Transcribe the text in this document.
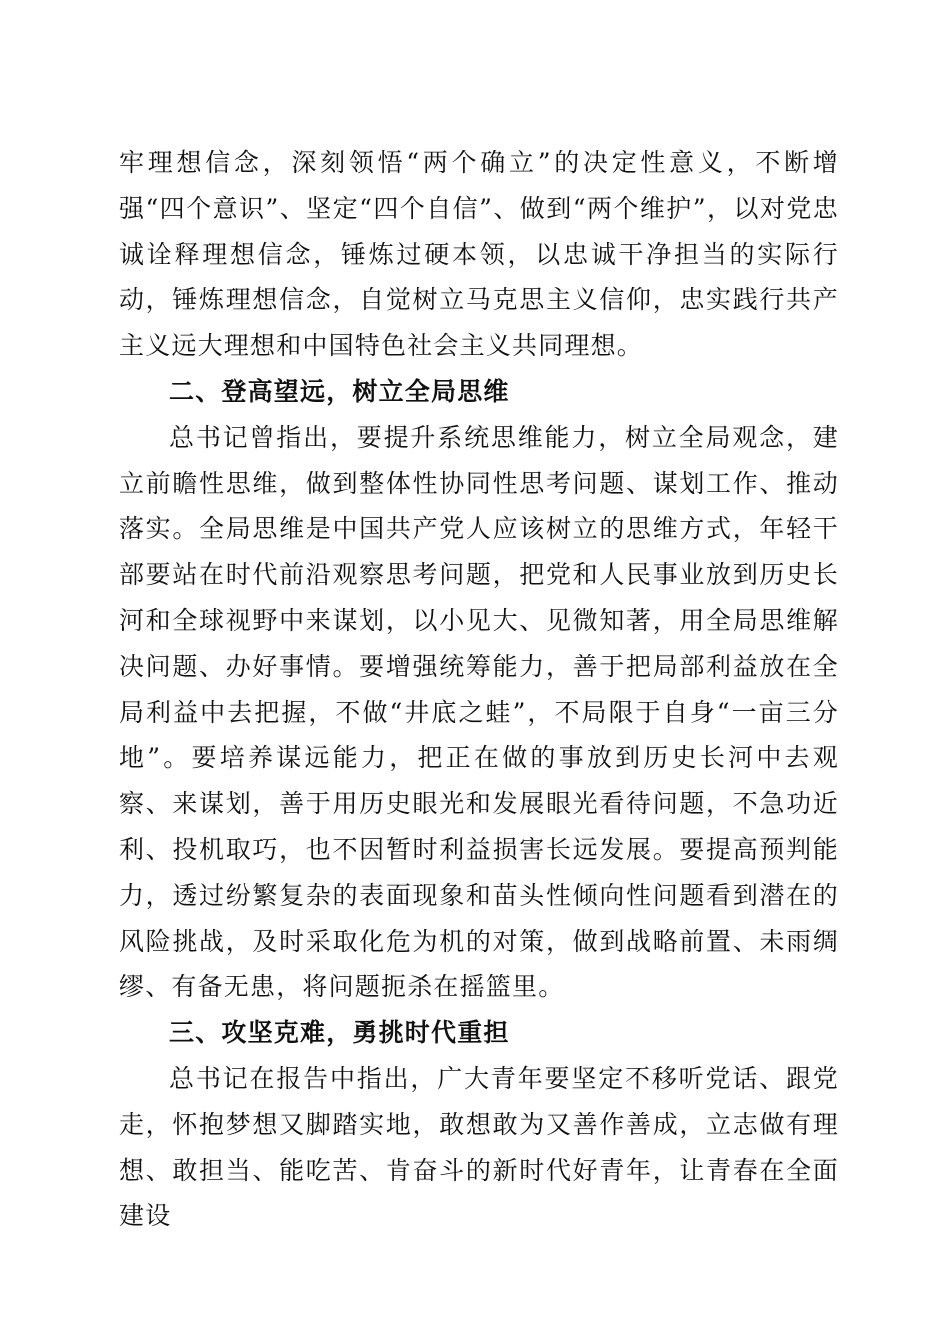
牢理想信念，深刻领悟“两个确立”的决定性意义，不断增强“四个意识”、坚定“四个自信”、做到“两个维护”，以对党忠诚诠释理想信念，锤炼过硬本领，以忠诚干净担当的实际行动，锤炼理想信念，自觉树立马克思主义信仰，忠实践行共产主义远大理想和中国特色社会主义共同理想。

二、登高望远，树立全局思维

总书记曾指出，要提升系统思维能力，树立全局观念，建立前瞻性思维，做到整体性协同性思考问题、谋划工作、推动落实。全局思维是中国共产党人应该树立的思维方式，年轻干部要站在时代前沿观察思考问题，把党和人民事业放到历史长河和全球视野中来谋划，以小见大、见微知著，用全局思维解决问题、办好事情。要增强统筹能力，善于把局部利益放在全局利益中去把握，不做“井底之蛙”，不局限于自身“一亩三分地”。要培养谋远能力，把正在做的事放到历史长河中去观察、来谋划，善于用历史眼光和发展眼光看待问题，不急功近利、投机取巧，也不因暂时利益损害长远发展。要提高预判能力，透过纷繁复杂的表面现象和苗头性倾向性问题看到潜在的风险挑战，及时采取化危为机的对策，做到战略前置、未雨绸缪、有备无患，将问题扼杀在摇篮里。

三、攻坚克难，勇挑时代重担

总书记在报告中指出，广大青年要坚定不移听党话、跟党走，怀抱梦想又脚踏实地，敢想敢为又善作善成，立志做有理想、敢担当、能吃苦、肯奋斗的新时代好青年，让青春在全面建设
